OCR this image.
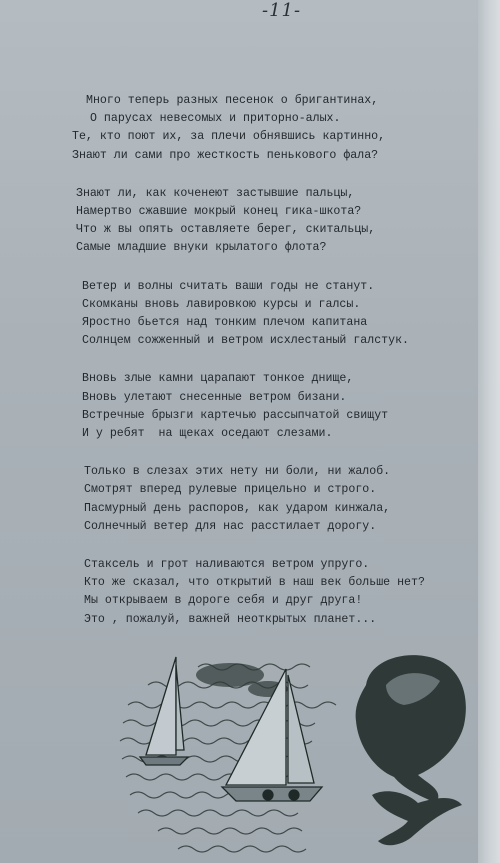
-11-
Много теперь разных песенок о бригантинах,
О парусах невесомых и приторно-алых.
Те, кто поют их, за плечи обнявшись картинно,
Знают ли сами про жесткость пенькового фала?
Знают ли, как коченеют застывшие пальцы,
Намертво сжавшие мокрый конец гика-шкота?
Что ж вы опять оставляете берег, скитальцы,
Самые младшие внуки крылатого флота?
Ветер и волны считать ваши годы не станут.
Скомканы вновь лавировкою курсы и галсы.
Яростно бьется над тонким плечом капитана
Солнцем сожженный и ветром исхлестаный галстук.
Вновь злые камни царапают тонкое днище,
Вновь улетают снесенные ветром бизани.
Встречные брызги картечью рассыпчатой свищут
И у ребят  на щеках оседают слезами.
Только в слезах этих нету ни боли, ни жалоб.
Смотрят вперед рулевые прицельно и строго.
Пасмурный день распоров, как ударом кинжала,
Солнечный ветер для нас расстилает дорогу.
Стаксель и грот наливаются ветром упруго.
Кто же сказал, что открытий в наш век больше нет?
Мы открываем в дороге себя и друг друга!
Это , пожалуй, важней неоткрытых планет...
